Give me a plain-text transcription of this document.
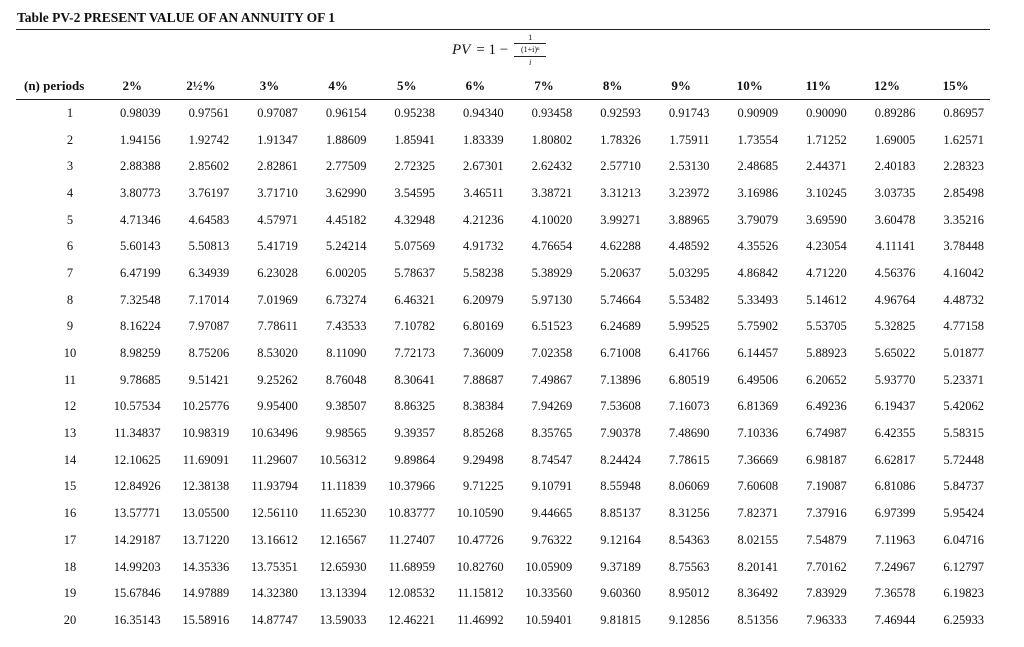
Table PV-2 PRESENT VALUE OF AN ANNUITY OF 1
PV = 1 − 1
(1+i)ⁿ
i
(n) periods	2%	2½%	3%	4%	5%	6%	7%	8%	9%	10%	11%	12%	15%
1	0.98039	0.97561	0.97087	0.96154	0.95238	0.94340	0.93458	0.92593	0.91743	0.90909	0.90090	0.89286	0.86957
2	1.94156	1.92742	1.91347	1.88609	1.85941	1.83339	1.80802	1.78326	1.75911	1.73554	1.71252	1.69005	1.62571
3	2.88388	2.85602	2.82861	2.77509	2.72325	2.67301	2.62432	2.57710	2.53130	2.48685	2.44371	2.40183	2.28323
4	3.80773	3.76197	3.71710	3.62990	3.54595	3.46511	3.38721	3.31213	3.23972	3.16986	3.10245	3.03735	2.85498
5	4.71346	4.64583	4.57971	4.45182	4.32948	4.21236	4.10020	3.99271	3.88965	3.79079	3.69590	3.60478	3.35216
6	5.60143	5.50813	5.41719	5.24214	5.07569	4.91732	4.76654	4.62288	4.48592	4.35526	4.23054	4.11141	3.78448
7	6.47199	6.34939	6.23028	6.00205	5.78637	5.58238	5.38929	5.20637	5.03295	4.86842	4.71220	4.56376	4.16042
8	7.32548	7.17014	7.01969	6.73274	6.46321	6.20979	5.97130	5.74664	5.53482	5.33493	5.14612	4.96764	4.48732
9	8.16224	7.97087	7.78611	7.43533	7.10782	6.80169	6.51523	6.24689	5.99525	5.75902	5.53705	5.32825	4.77158
10	8.98259	8.75206	8.53020	8.11090	7.72173	7.36009	7.02358	6.71008	6.41766	6.14457	5.88923	5.65022	5.01877
11	9.78685	9.51421	9.25262	8.76048	8.30641	7.88687	7.49867	7.13896	6.80519	6.49506	6.20652	5.93770	5.23371
12	10.57534	10.25776	9.95400	9.38507	8.86325	8.38384	7.94269	7.53608	7.16073	6.81369	6.49236	6.19437	5.42062
13	11.34837	10.98319	10.63496	9.98565	9.39357	8.85268	8.35765	7.90378	7.48690	7.10336	6.74987	6.42355	5.58315
14	12.10625	11.69091	11.29607	10.56312	9.89864	9.29498	8.74547	8.24424	7.78615	7.36669	6.98187	6.62817	5.72448
15	12.84926	12.38138	11.93794	11.11839	10.37966	9.71225	9.10791	8.55948	8.06069	7.60608	7.19087	6.81086	5.84737
16	13.57771	13.05500	12.56110	11.65230	10.83777	10.10590	9.44665	8.85137	8.31256	7.82371	7.37916	6.97399	5.95424
17	14.29187	13.71220	13.16612	12.16567	11.27407	10.47726	9.76322	9.12164	8.54363	8.02155	7.54879	7.11963	6.04716
18	14.99203	14.35336	13.75351	12.65930	11.68959	10.82760	10.05909	9.37189	8.75563	8.20141	7.70162	7.24967	6.12797
19	15.67846	14.97889	14.32380	13.13394	12.08532	11.15812	10.33560	9.60360	8.95012	8.36492	7.83929	7.36578	6.19823
20	16.35143	15.58916	14.87747	13.59033	12.46221	11.46992	10.59401	9.81815	9.12856	8.51356	7.96333	7.46944	6.25933
